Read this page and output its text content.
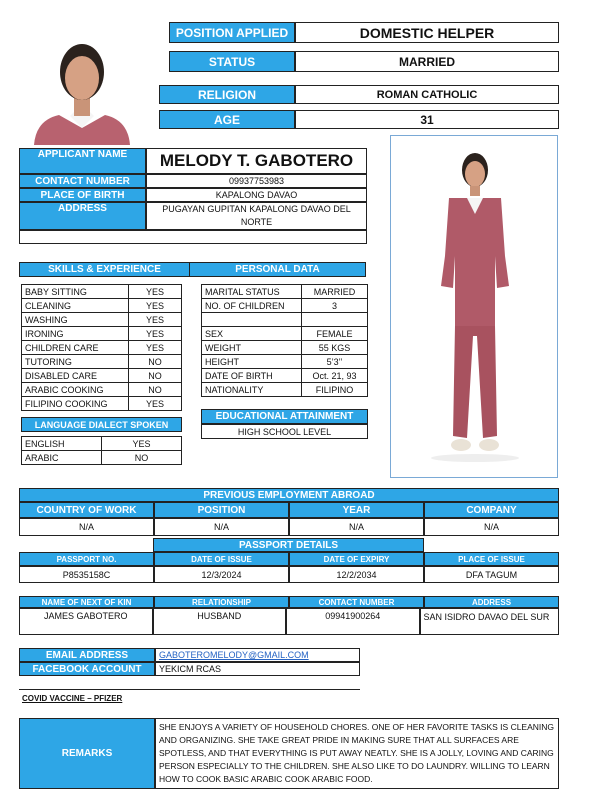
POSITION APPLIED	DOMESTIC HELPER
STATUS	MARRIED
RELIGION	ROMAN CATHOLIC
AGE	31
APPLICANT NAME	MELODY T. GABOTERO
CONTACT NUMBER	09937753983
PLACE OF BIRTH	KAPALONG DAVAO
ADDRESS	PUGAYAN GUPITAN KAPALONG DAVAO DEL NORTE
SKILLS & EXPERIENCE
BABY SITTING	YES
CLEANING	YES
WASHING	YES
IRONING	YES
CHILDREN CARE	YES
TUTORING	NO
DISABLED CARE	NO
ARABIC COOKING	NO
FILIPINO COOKING	YES
PERSONAL DATA
MARITAL STATUS	MARRIED
NO. OF CHILDREN	3

SEX	FEMALE
WEIGHT	55 KGS
HEIGHT	5’3’’
DATE OF BIRTH	Oct. 21, 93
NATIONALITY	FILIPINO
LANGUAGE DIALECT SPOKEN
ENGLISH	YES
ARABIC	NO
EDUCATIONAL ATTAINMENT
HIGH SCHOOL LEVEL
PREVIOUS EMPLOYMENT ABROAD
COUNTRY OF WORK	POSITION	YEAR	COMPANY
N/A	N/A	N/A	N/A
PASSPORT DETAILS
PASSPORT NO.	DATE OF ISSUE	DATE OF EXPIRY	PLACE OF ISSUE
P8535158C	12/3/2024	12/2/2034	DFA TAGUM
NAME OF NEXT OF KIN	RELATIONSHIP	CONTACT NUMBER	ADDRESS
JAMES GABOTERO	HUSBAND	09941900264	SAN ISIDRO DAVAO DEL SUR
EMAIL ADDRESS	GABOTEROMELODY@GMAIL.COM
FACEBOOK ACCOUNT	YEKICM RCAS
COVID VACCINE – PFIZER
REMARKS
SHE ENJOYS A VARIETY OF HOUSEHOLD CHORES. ONE OF HER FAVORITE TASKS IS CLEANING AND ORGANIZING. SHE TAKE GREAT PRIDE IN MAKING SURE THAT ALL SURFACES ARE SPOTLESS, AND THAT EVERYTHING IS PUT AWAY NEATLY. SHE IS A JOLLY, LOVING AND CARING PERSON ESPECIALLY TO THE CHILDREN. SHE ALSO LIKE TO DO LAUNDRY. WILLING TO LEARN HOW TO COOK BASIC ARABIC COOK ARABIC FOOD.
